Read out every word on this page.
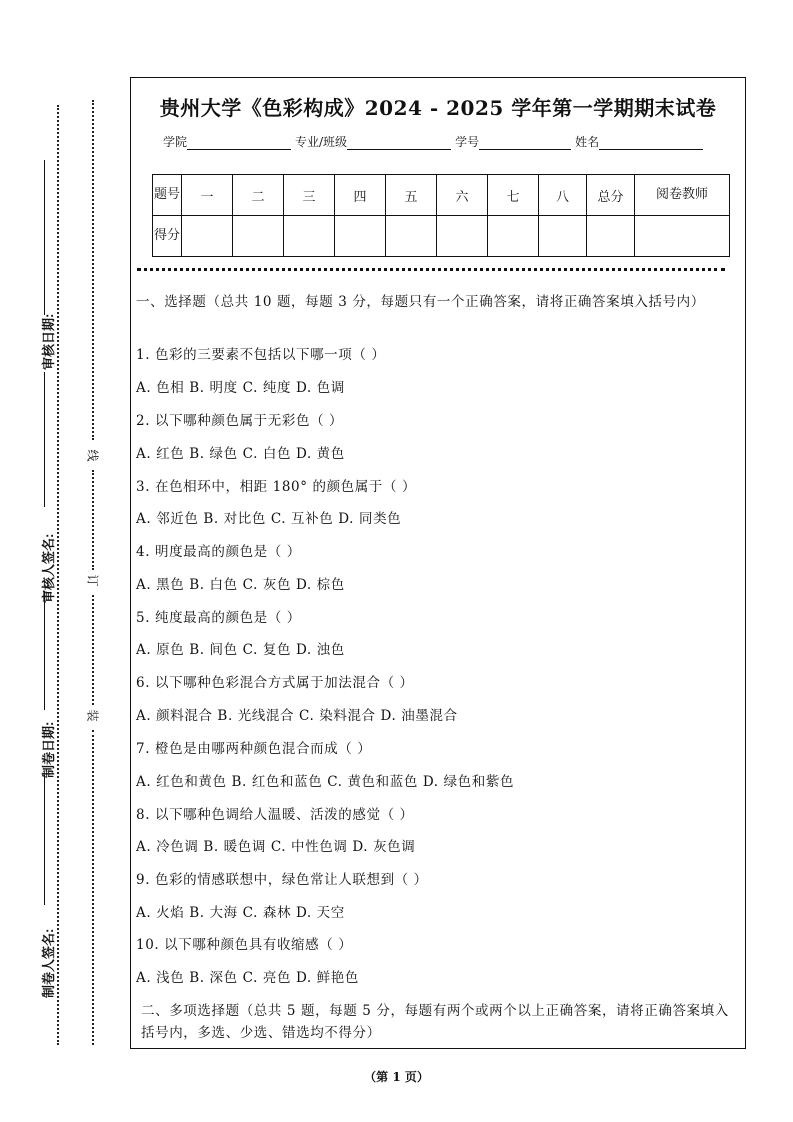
审核日期:
审核人签名:
制卷日期:
制卷人签名:
线
订
装
贵州大学《色彩构成》2024 - 2025 学年第一学期期末试卷
学院	专业/班级	学号	姓名
题号	一	二	三	四	五	六	七	八	总分	阅卷教师
得分										
一、选择题（总共 10 题，每题 3 分，每题只有一个正确答案，请将正确答案填入括号内）
1. 色彩的三要素不包括以下哪一项（ ）
A. 色相 B. 明度 C. 纯度 D. 色调
2. 以下哪种颜色属于无彩色（ ）
A. 红色 B. 绿色 C. 白色 D. 黄色
3. 在色相环中，相距 180° 的颜色属于（ ）
A. 邻近色 B. 对比色 C. 互补色 D. 同类色
4. 明度最高的颜色是（ ）
A. 黑色 B. 白色 C. 灰色 D. 棕色
5. 纯度最高的颜色是（ ）
A. 原色 B. 间色 C. 复色 D. 浊色
6. 以下哪种色彩混合方式属于加法混合（ ）
A. 颜料混合 B. 光线混合 C. 染料混合 D. 油墨混合
7. 橙色是由哪两种颜色混合而成（ ）
A. 红色和黄色 B. 红色和蓝色 C. 黄色和蓝色 D. 绿色和紫色
8. 以下哪种色调给人温暖、活泼的感觉（ ）
A. 冷色调 B. 暖色调 C. 中性色调 D. 灰色调
9. 色彩的情感联想中，绿色常让人联想到（ ）
A. 火焰 B. 大海 C. 森林 D. 天空
10. 以下哪种颜色具有收缩感（ ）
A. 浅色 B. 深色 C. 亮色 D. 鲜艳色
二、多项选择题（总共 5 题，每题 5 分，每题有两个或两个以上正确答案，请将正确答案填入括号内，多选、少选、错选均不得分）
（第 1 页）
